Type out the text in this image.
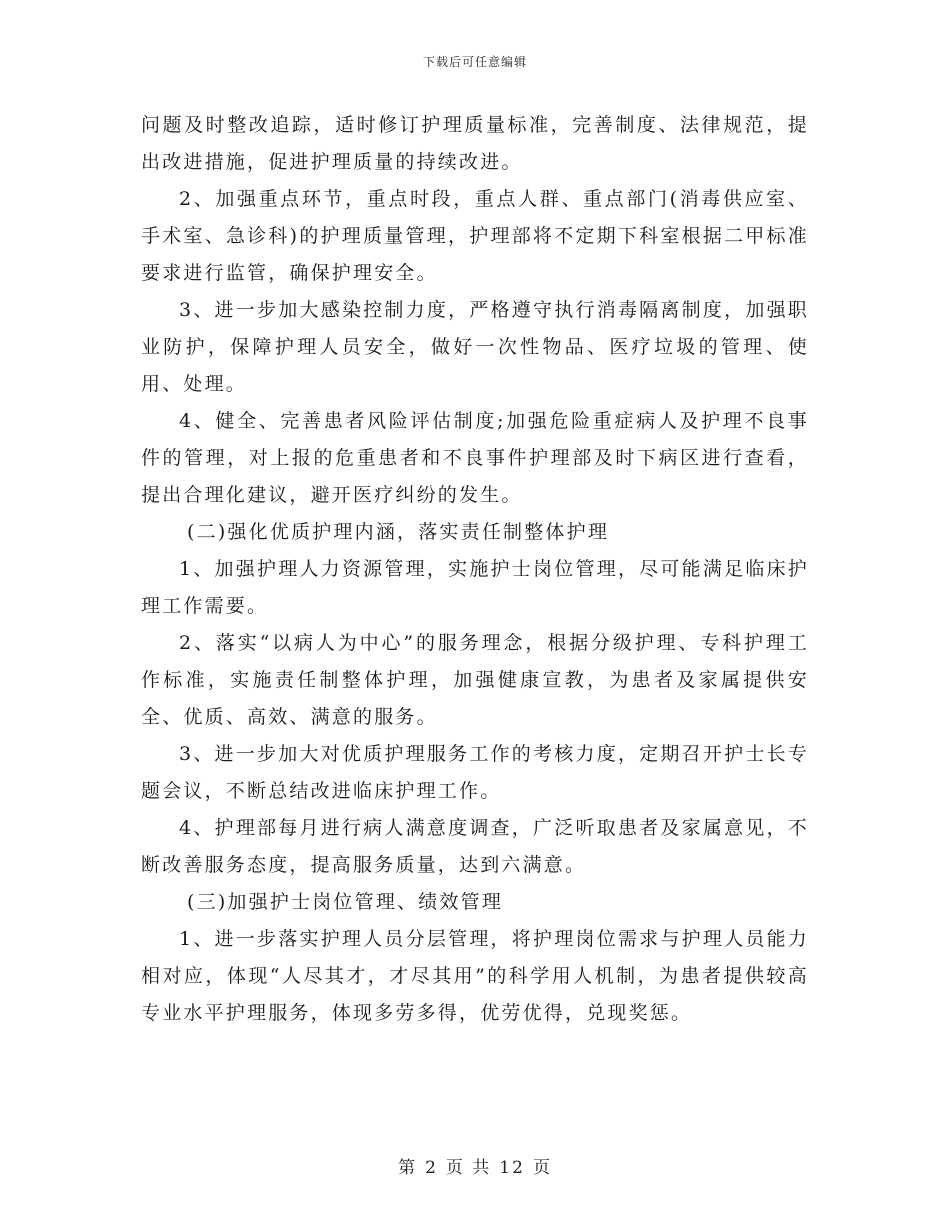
下载后可任意编辑

问题及时整改追踪，适时修订护理质量标准，完善制度、法律规范，提出改进措施，促进护理质量的持续改进。

2、加强重点环节，重点时段，重点人群、重点部门(消毒供应室、手术室、急诊科)的护理质量管理，护理部将不定期下科室根据二甲标准要求进行监管，确保护理安全。

3、进一步加大感染控制力度，严格遵守执行消毒隔离制度，加强职业防护，保障护理人员安全，做好一次性物品、医疗垃圾的管理、使用、处理。

4、健全、完善患者风险评估制度;加强危险重症病人及护理不良事件的管理，对上报的危重患者和不良事件护理部及时下病区进行查看，提出合理化建议，避开医疗纠纷的发生。

(二)强化优质护理内涵，落实责任制整体护理

1、加强护理人力资源管理，实施护士岗位管理，尽可能满足临床护理工作需要。

2、落实“以病人为中心”的服务理念，根据分级护理、专科护理工作标准，实施责任制整体护理，加强健康宣教，为患者及家属提供安全、优质、高效、满意的服务。

3、进一步加大对优质护理服务工作的考核力度，定期召开护士长专题会议，不断总结改进临床护理工作。

4、护理部每月进行病人满意度调查，广泛听取患者及家属意见，不断改善服务态度，提高服务质量，达到六满意。

(三)加强护士岗位管理、绩效管理

1、进一步落实护理人员分层管理，将护理岗位需求与护理人员能力相对应，体现“人尽其才，才尽其用”的科学用人机制，为患者提供较高专业水平护理服务，体现多劳多得，优劳优得，兑现奖惩。

第 2 页 共 12 页
